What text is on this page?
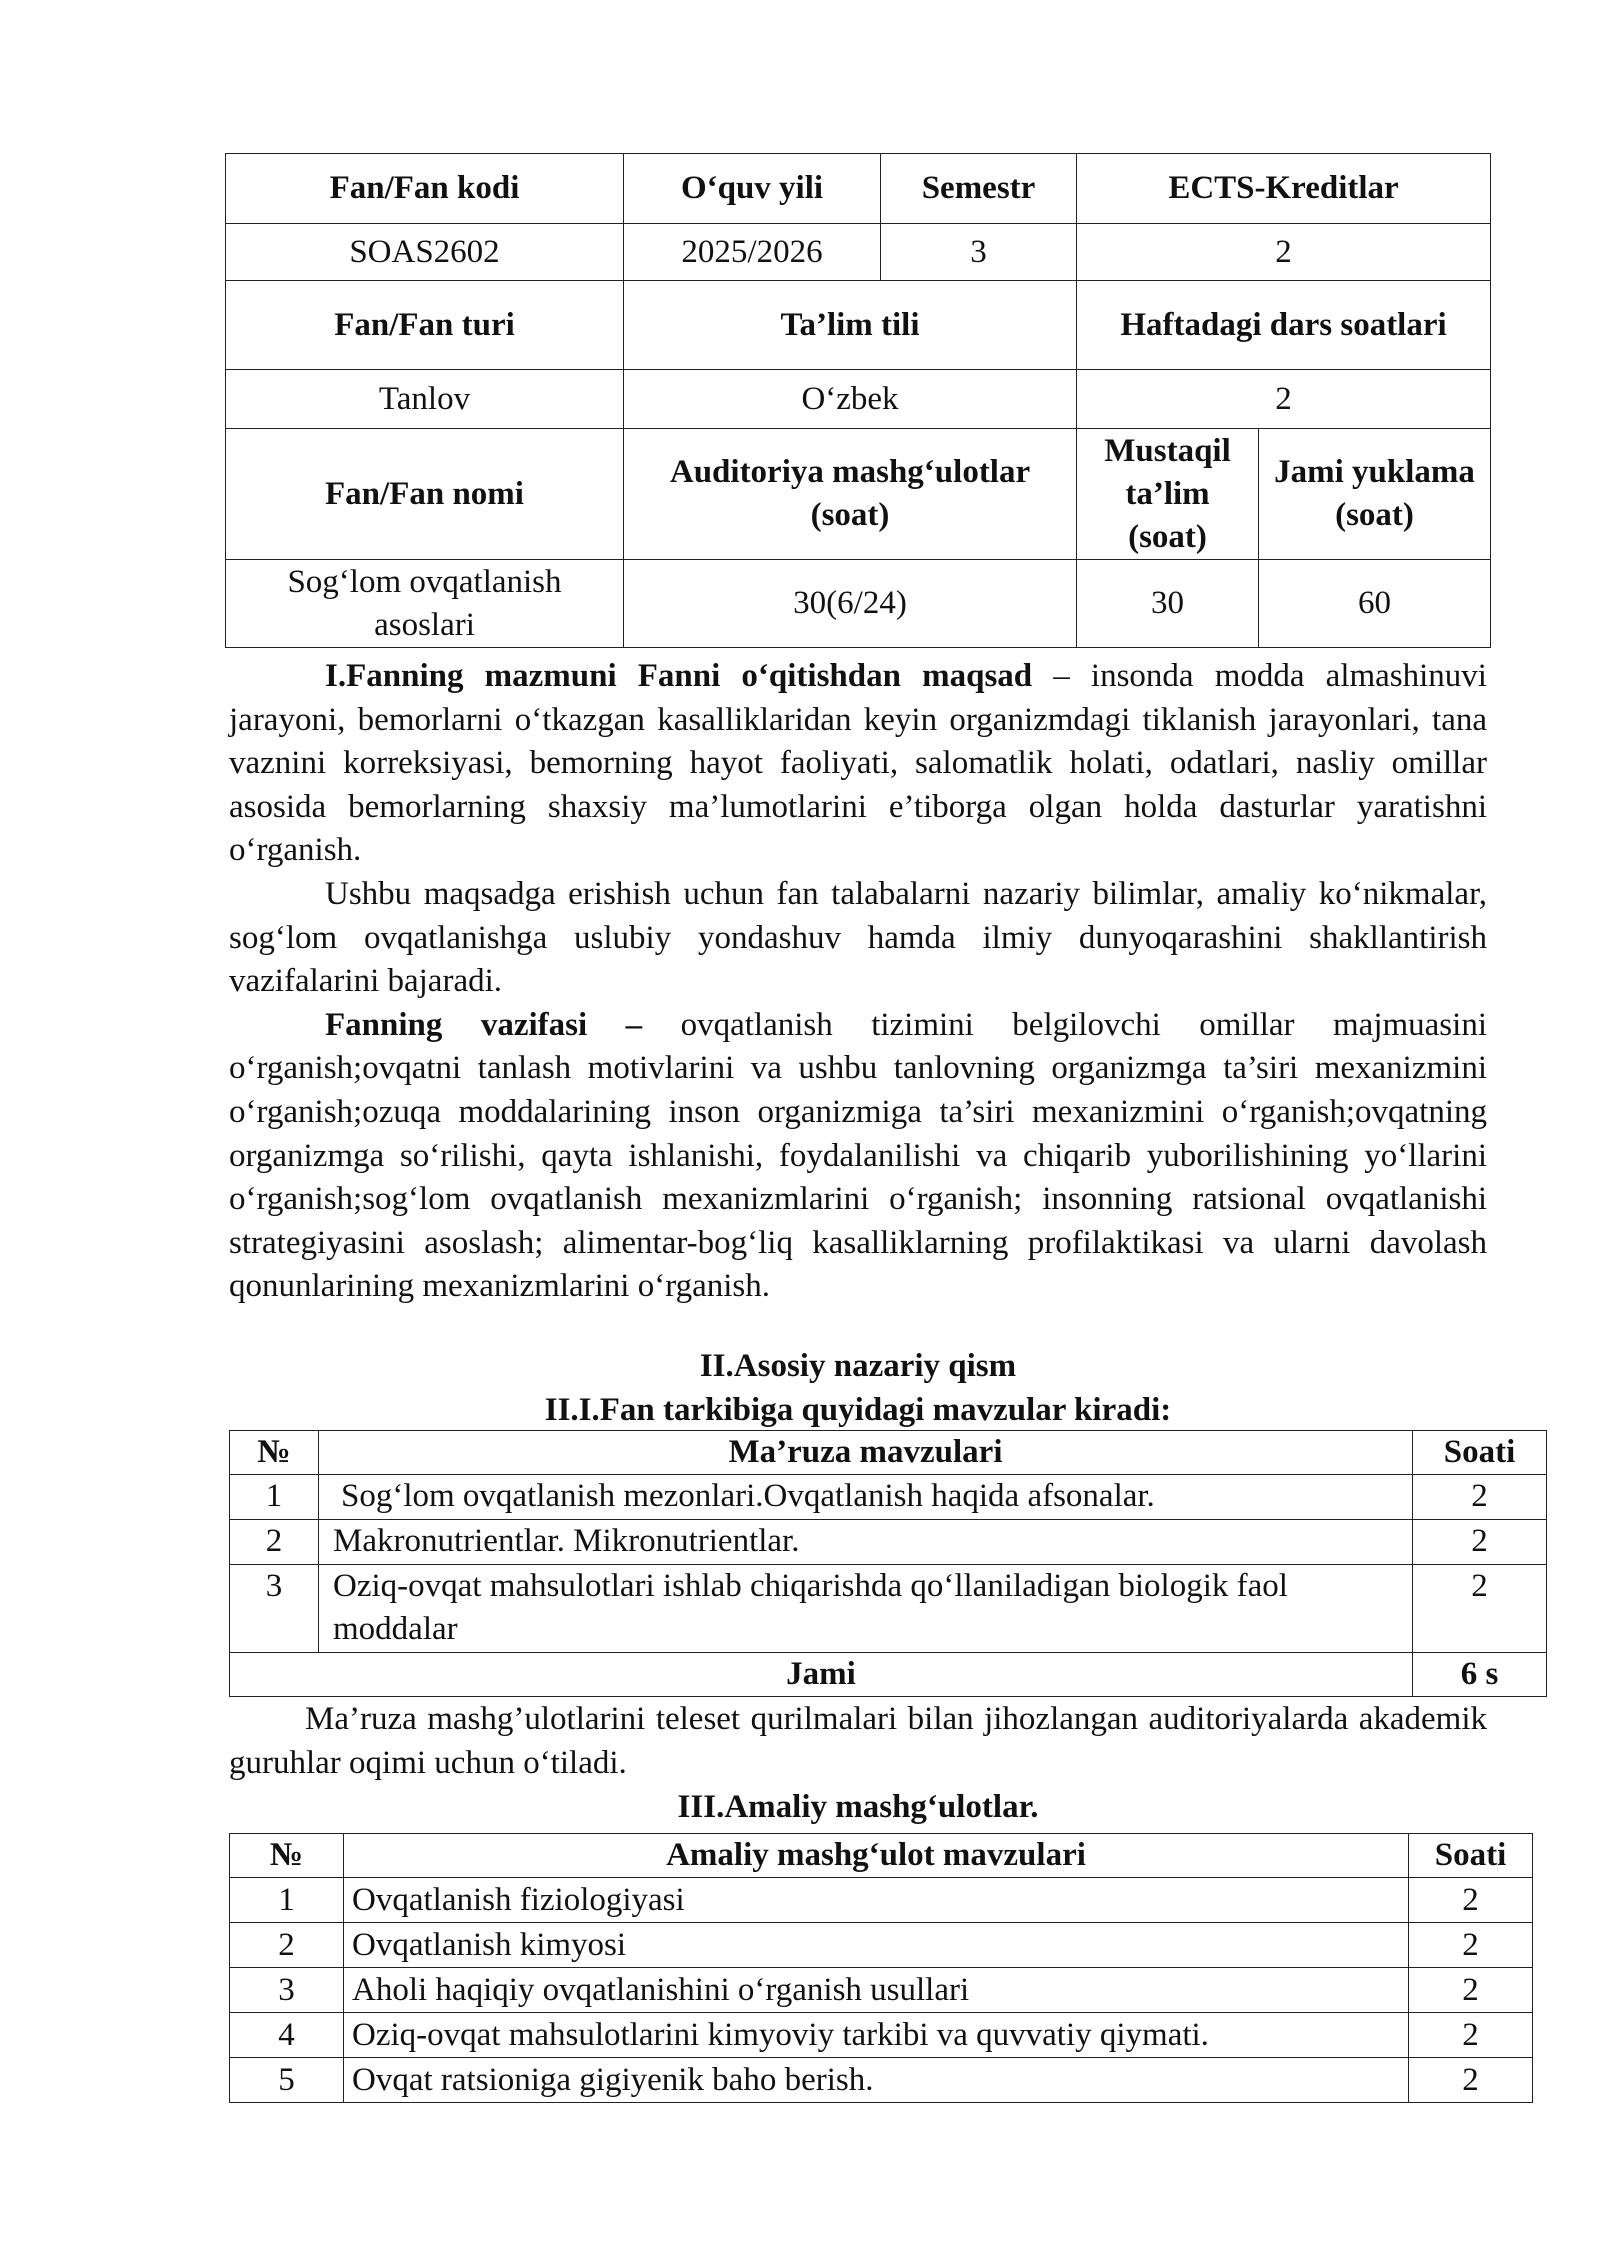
Fan/Fan kodi	O‘quv yili	Semestr	ECTS-Kreditlar	
SOAS2602	2025/2026	3	2	
Fan/Fan turi	Ta’lim tili		Haftadagi dars soatlari	
Tanlov	O‘zbek		2	
Fan/Fan nomi	Auditoriya mashg‘ulotlar (soat)		Mustaqil ta’lim (soat)	Jami yuklama (soat)
Sog‘lom ovqatlanish asoslari	30(6/24)		30	60

I.Fanning mazmuni Fanni o‘qitishdan maqsad – insonda modda almashinuvi jarayoni, bemorlarni o‘tkazgan kasalliklaridan keyin organizmdagi tiklanish jarayonlari, tana vaznini korreksiyasi, bemorning hayot faoliyati, salomatlik holati, odatlari, nasliy omillar asosida bemorlarning shaxsiy ma’lumotlarini e’tiborga olgan holda dasturlar yaratishni o‘rganish.

Ushbu maqsadga erishish uchun fan talabalarni nazariy bilimlar, amaliy ko‘nikmalar, sog‘lom ovqatlanishga uslubiy yondashuv hamda ilmiy dunyoqarashini shakllantirish vazifalarini bajaradi.

Fanning vazifasi – ovqatlanish tizimini belgilovchi omillar majmuasini o‘rganish;ovqatni tanlash motivlarini va ushbu tanlovning organizmga ta’siri mexanizmini o‘rganish;ozuqa moddalarining inson organizmiga ta’siri mexanizmini o‘rganish;ovqatning organizmga so‘rilishi, qayta ishlanishi, foydalanilishi va chiqarib yuborilishining yo‘llarini o‘rganish;sog‘lom ovqatlanish mexanizmlarini o‘rganish; insonning ratsional ovqatlanishi strategiyasini asoslash; alimentar-bog‘liq kasalliklarning profilaktikasi va ularni davolash qonunlarining mexanizmlarini o‘rganish.

II.Asosiy nazariy qism
II.I.Fan tarkibiga quyidagi mavzular kiradi:
№	Ma’ruza mavzulari	Soati
1	Sog‘lom ovqatlanish mezonlari.Ovqatlanish haqida afsonalar.	2
2	Makronutrientlar. Mikronutrientlar.	2
3	Oziq-ovqat mahsulotlari ishlab chiqarishda qo‘llaniladigan biologik faol moddalar	2
Jami		6 s

Ma’ruza mashg’ulotlarini teleset qurilmalari bilan jihozlangan auditoriyalarda akademik guruhlar oqimi uchun o‘tiladi.

III.Amaliy mashg‘ulotlar.
№	Amaliy mashg‘ulot mavzulari	Soati
1	Ovqatlanish fiziologiyasi	2
2	Ovqatlanish kimyosi	2
3	Aholi haqiqiy ovqatlanishini o‘rganish usullari	2
4	Oziq-ovqat mahsulotlarini kimyoviy tarkibi va quvvatiy qiymati.	2
5	Ovqat ratsioniga gigiyenik baho berish.	2
